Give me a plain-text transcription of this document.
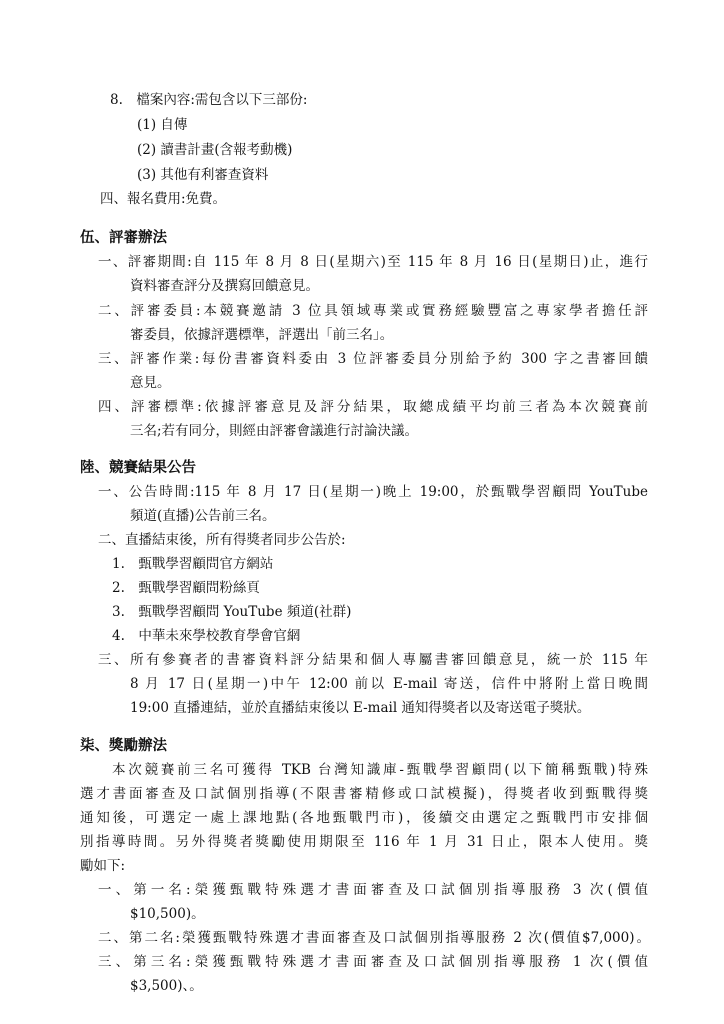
8.　檔案內容:需包含以下三部份:
(1) 自傳
(2) 讀書計畫(含報考動機)
(3) 其他有利審查資料
四、報名費用:免費。
伍、評審辦法
一、評審期間:自 115 年 8 月 8 日(星期六)至 115 年 8 月 16 日(星期日)止，進行
資料審查評分及撰寫回饋意見。
二、評審委員:本競賽邀請 3 位具領域專業或實務經驗豐富之專家學者擔任評
審委員，依據評選標準，評選出「前三名」。
三、評審作業:每份書審資料委由 3 位評審委員分別給予約 300 字之書審回饋
意見。
四、評審標準:依據評審意見及評分結果，取總成績平均前三者為本次競賽前
三名;若有同分，則經由評審會議進行討論決議。
陸、競賽結果公告
一、公告時間:115 年 8 月 17 日(星期一)晚上 19:00，於甄戰學習顧問 YouTube
頻道(直播)公告前三名。
二、直播結束後，所有得獎者同步公告於:
1.　甄戰學習顧問官方網站
2.　甄戰學習顧問粉絲頁
3.　甄戰學習顧問 YouTube 頻道(社群)
4.　中華未來學校教育學會官網
三、所有參賽者的書審資料評分結果和個人專屬書審回饋意見，統一於 115 年
8 月 17 日(星期一)中午 12:00 前以 E-mail 寄送，信件中將附上當日晚間
19:00 直播連結，並於直播結束後以 E-mail 通知得獎者以及寄送電子獎狀。
柒、獎勵辦法
本次競賽前三名可獲得 TKB 台灣知識庫-甄戰學習顧問(以下簡稱甄戰)特殊
選才書面審查及口試個別指導(不限書審精修或口試模擬)，得獎者收到甄戰得獎
通知後，可選定一處上課地點(各地甄戰門市)，後續交由選定之甄戰門市安排個
別指導時間。另外得獎者獎勵使用期限至 116 年 1 月 31 日止，限本人使用。獎
勵如下:
一、第一名:榮獲甄戰特殊選才書面審查及口試個別指導服務 3 次(價值
$10,500)。
二、第二名:榮獲甄戰特殊選才書面審查及口試個別指導服務 2 次(價值$7,000)。
三、第三名:榮獲甄戰特殊選才書面審查及口試個別指導服務 1 次(價值
$3,500)、。
